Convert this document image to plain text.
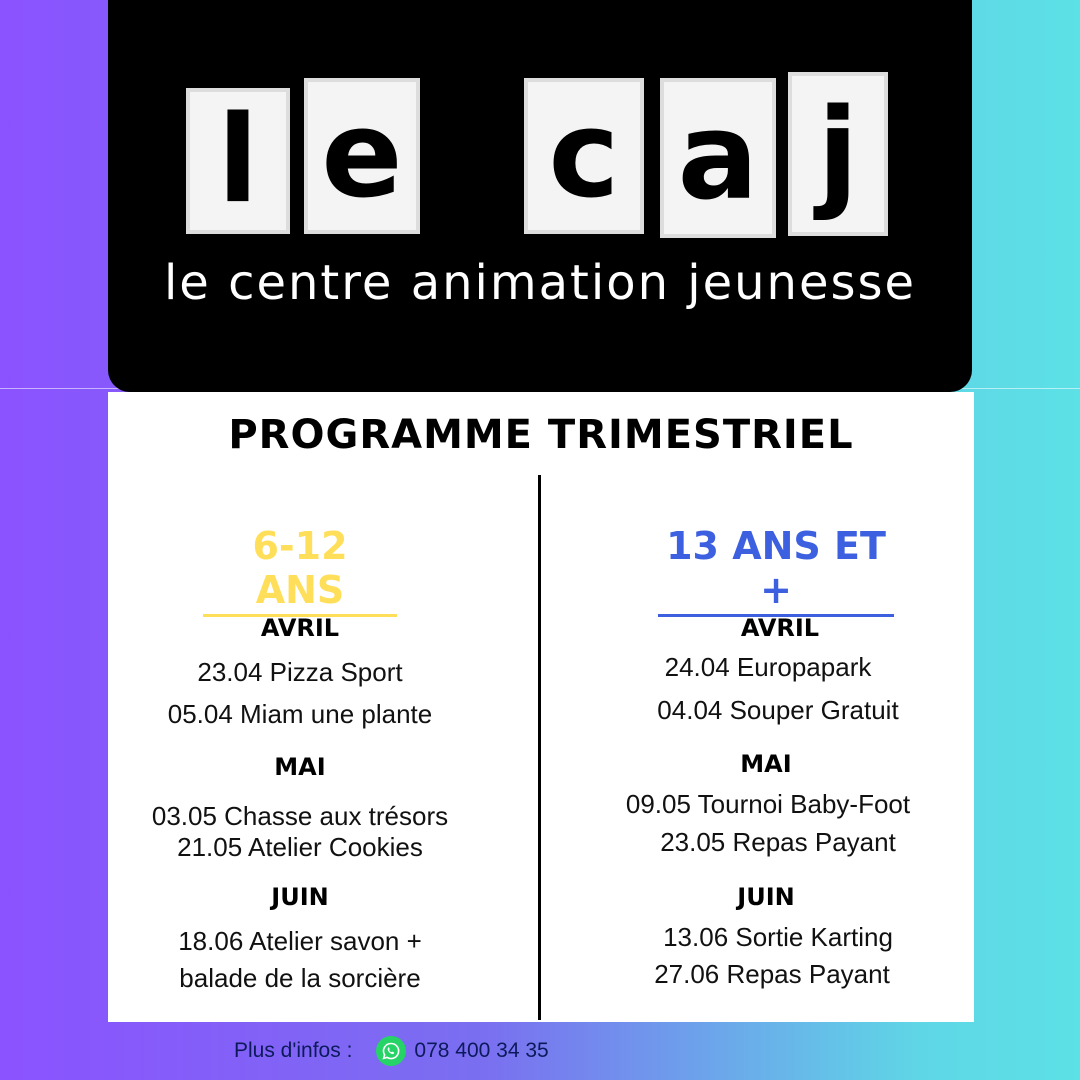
l e c a j
le centre animation jeunesse
PROGRAMME TRIMESTRIEL
6-12 ANS
AVRIL
23.04 Pizza Sport
05.04 Miam une plante
MAI
03.05 Chasse aux trésors
21.05 Atelier Cookies
JUIN
18.06 Atelier savon +
balade de la sorcière
13 ANS ET +
AVRIL
24.04 Europapark
04.04 Souper Gratuit
MAI
09.05 Tournoi Baby-Foot
23.05 Repas Payant
JUIN
13.06 Sortie Karting
27.06 Repas Payant
Plus d'infos :	078 400 34 35
